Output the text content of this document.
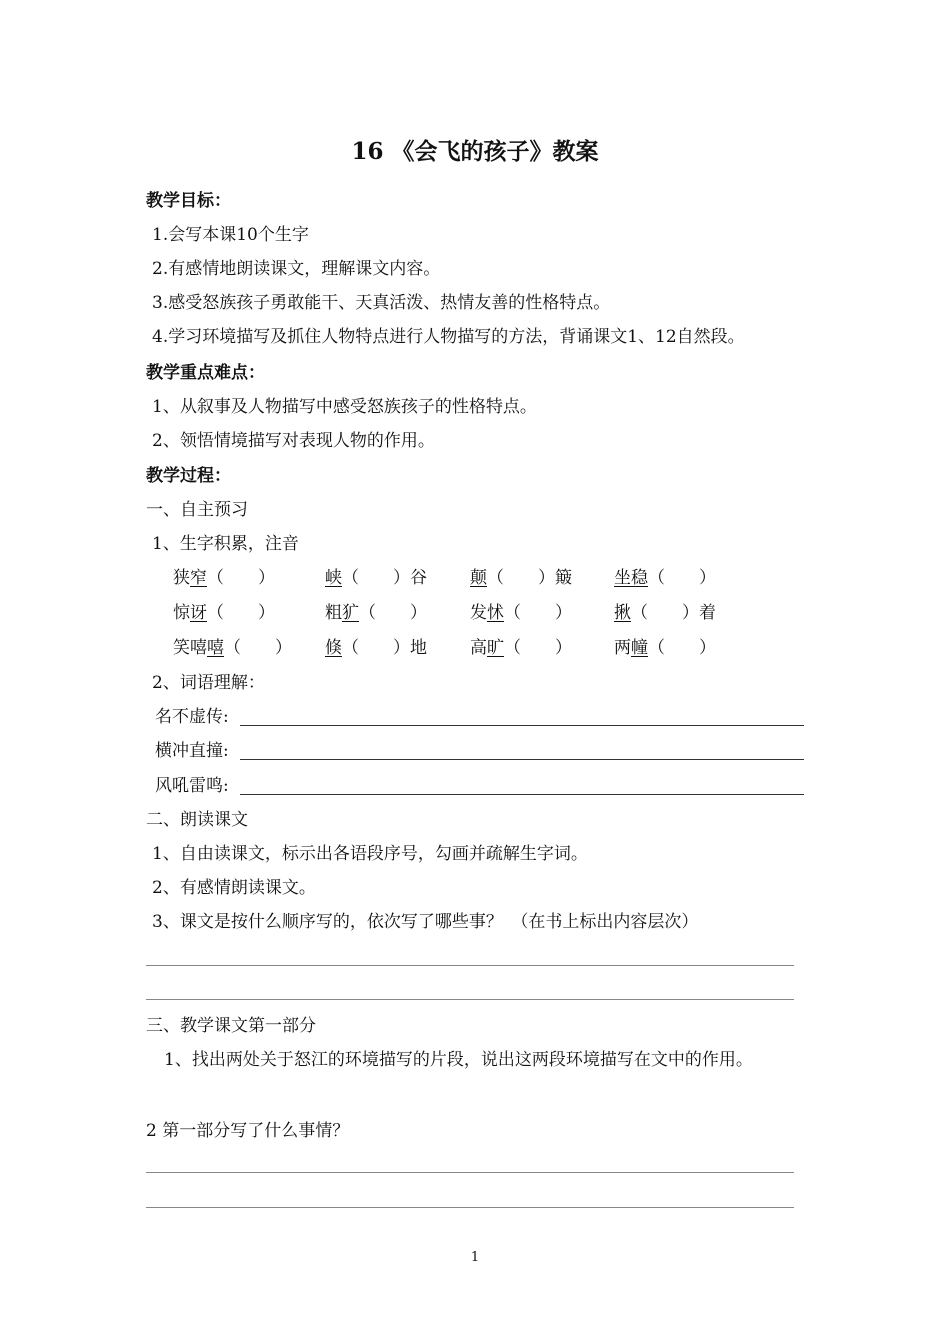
16 《会飞的孩子》教案
教学目标：
1.会写本课10个生字
2.有感情地朗读课文，理解课文内容。
3.感受怒族孩子勇敢能干、天真活泼、热情友善的性格特点。
4.学习环境描写及抓住人物特点进行人物描写的方法，背诵课文1、12自然段。
教学重点难点：
1、从叙事及人物描写中感受怒族孩子的性格特点。
2、领悟情境描写对表现人物的作用。
教学过程：
一、自主预习
1、生字积累，注音
狭窄（　　）	峡（　　）谷	颠（　　）簸 坐稳（　　）
惊讶（　　）	粗犷（　　）	发怵（　　） 揪（　　）着
笑嘻嘻（　　） 倏（　　）地	高旷（　　） 两幢（　　）
2、词语理解：
名不虚传:
横冲直撞:
风吼雷鸣:
二、朗读课文
1、自由读课文，标示出各语段序号，勾画并疏解生字词。
2、有感情朗读课文。
3、课文是按什么顺序写的，依次写了哪些事？　（在书上标出内容层次）
三、教学课文第一部分
1、找出两处关于怒江的环境描写的片段，说出这两段环境描写在文中的作用。
2 第一部分写了什么事情？
1
